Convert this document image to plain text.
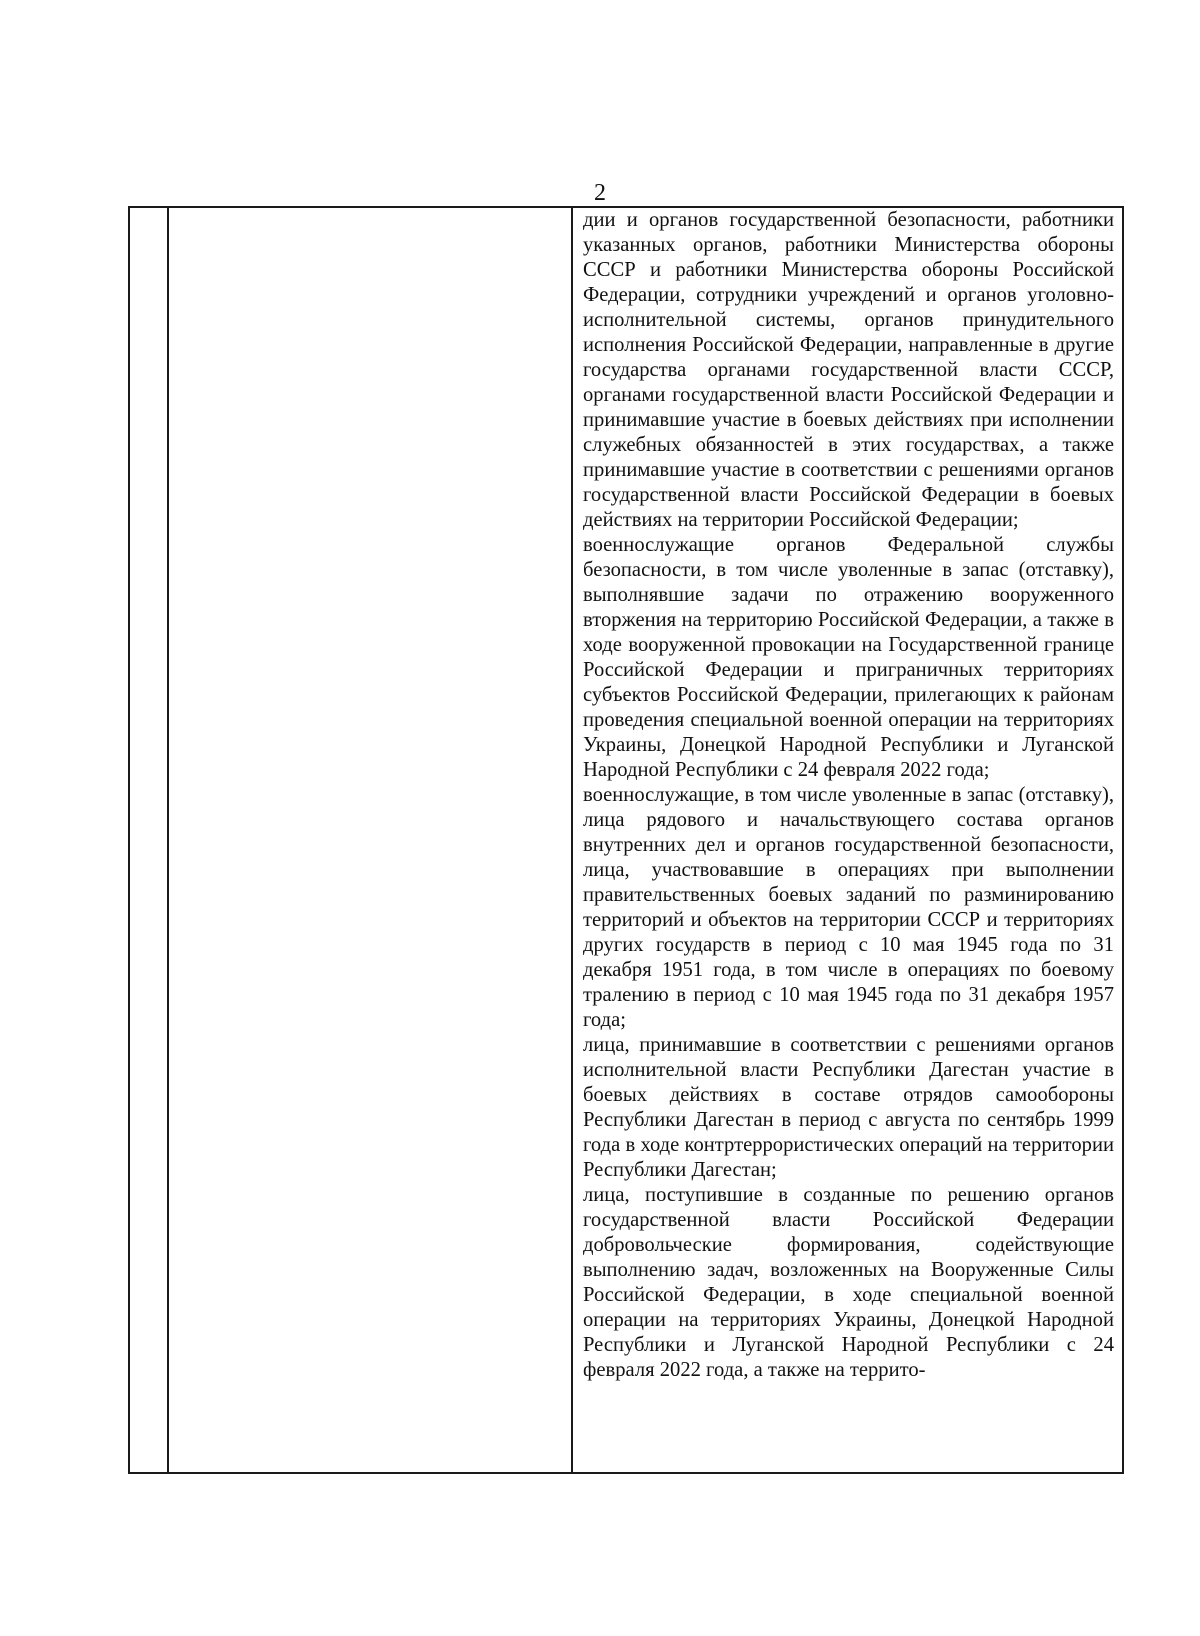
2

дии и органов государственной безопасности, работники указанных органов, работники Министерства обороны СССР и работники Министерства обороны Российской Федерации, сотрудники учреждений и органов уголовно-исполнительной системы, органов принудительного исполнения Российской Федерации, направленные в другие государства органами государственной власти СССР, органами государственной власти Российской Федерации и принимавшие участие в боевых действиях при исполнении служебных обязанностей в этих государствах, а также принимавшие участие в соответствии с решениями органов государственной власти Российской Федерации в боевых действиях на территории Российской Федерации;

военнослужащие органов Федеральной службы безопасности, в том числе уволенные в запас (отставку), выполнявшие задачи по отражению вооруженного вторжения на территорию Российской Федерации, а также в ходе вооруженной провокации на Государственной границе Российской Федерации и приграничных территориях субъектов Российской Федерации, прилегающих к районам проведения специальной военной операции на территориях Украины, Донецкой Народной Республики и Луганской Народной Республики с 24 февраля 2022 года;

военнослужащие, в том числе уволенные в запас (отставку), лица рядового и начальствующего состава органов внутренних дел и органов государственной безопасности, лица, участвовавшие в операциях при выполнении правительственных боевых заданий по разминированию территорий и объектов на территории СССР и территориях других государств в период с 10 мая 1945 года по 31 декабря 1951 года, в том числе в операциях по боевому тралению в период с 10 мая 1945 года по 31 декабря 1957 года;

лица, принимавшие в соответствии с решениями органов исполнительной власти Республики Дагестан участие в боевых действиях в составе отрядов самообороны Республики Дагестан в период с августа по сентябрь 1999 года в ходе контртеррористических операций на территории Республики Дагестан;

лица, поступившие в созданные по решению органов государственной власти Российской Федерации добровольческие формирования, содействующие выполнению задач, возложенных на Вооруженные Силы Российской Федерации, в ходе специальной военной операции на территориях Украины, Донецкой Народной Республики и Луганской Народной Республики с 24 февраля 2022 года, а также на террито-
